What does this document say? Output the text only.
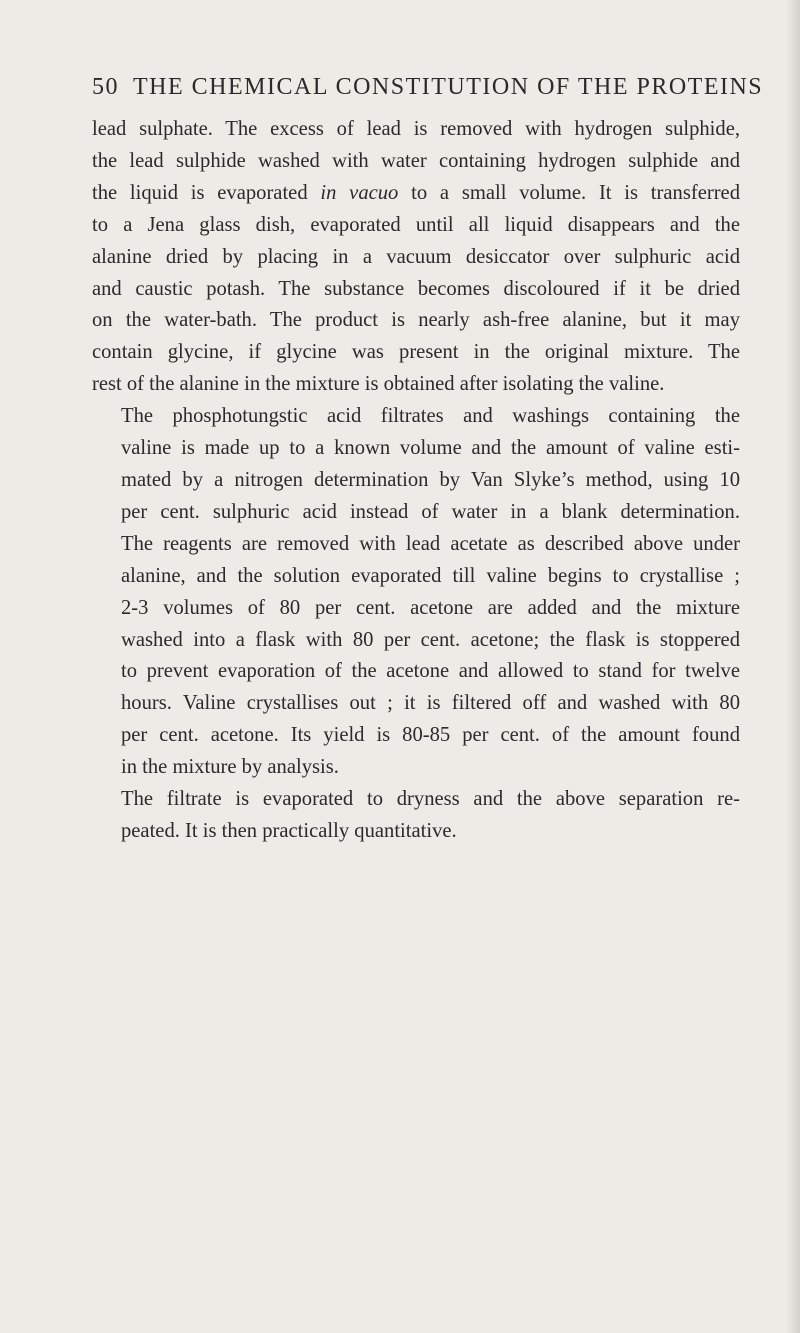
50 THE CHEMICAL CONSTITUTION OF THE PROTEINS

lead sulphate. The excess of lead is removed with hydrogen sulphide,
the lead sulphide washed with water containing hydrogen sulphide and
the liquid is evaporated in vacuo to a small volume. It is transferred
to a Jena glass dish, evaporated until all liquid disappears and the
alanine dried by placing in a vacuum desiccator over sulphuric acid
and caustic potash. The substance becomes discoloured if it be dried
on the water-bath. The product is nearly ash-free alanine, but it may
contain glycine, if glycine was present in the original mixture. The
rest of the alanine in the mixture is obtained after isolating the valine.

The phosphotungstic acid filtrates and washings containing the
valine is made up to a known volume and the amount of valine esti-
mated by a nitrogen determination by Van Slyke’s method, using 10
per cent. sulphuric acid instead of water in a blank determination.
The reagents are removed with lead acetate as described above under
alanine, and the solution evaporated till valine begins to crystallise ;
2-3 volumes of 80 per cent. acetone are added and the mixture
washed into a flask with 80 per cent. acetone; the flask is stoppered
to prevent evaporation of the acetone and allowed to stand for twelve
hours. Valine crystallises out ; it is filtered off and washed with 80
per cent. acetone. Its yield is 80-85 per cent. of the amount found
in the mixture by analysis.

The filtrate is evaporated to dryness and the above separation re-
peated. It is then practically quantitative.
